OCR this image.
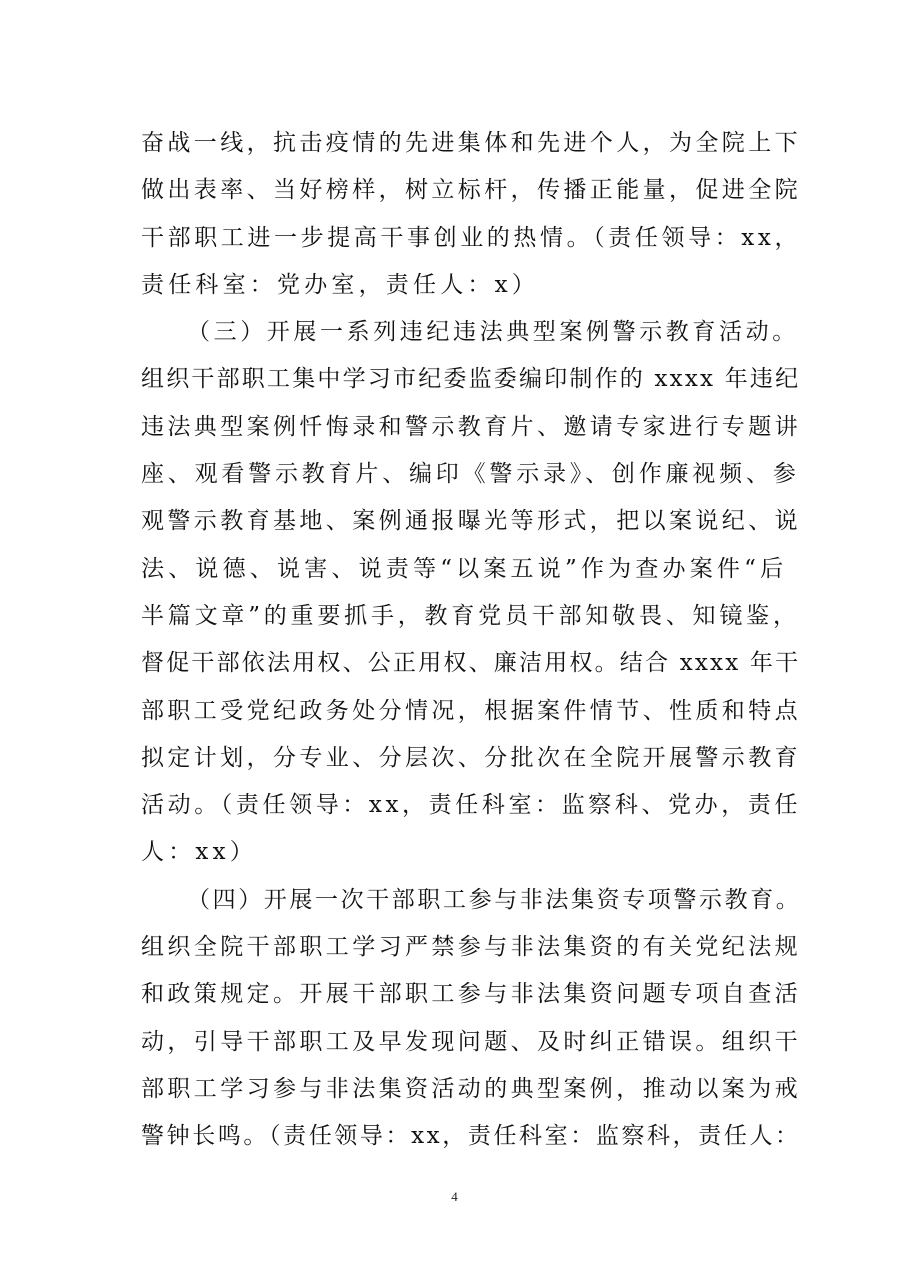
奋战一线，抗击疫情的先进集体和先进个人，为全院上下
做出表率、当好榜样，树立标杆，传播正能量，促进全院
干部职工进一步提高干事创业的热情。（责任领导：xx，
责任科室：党办室，责任人：x）
（三）开展一系列违纪违法典型案例警示教育活动。
组织干部职工集中学习市纪委监委编印制作的 xxxx 年违纪
违法典型案例忏悔录和警示教育片、邀请专家进行专题讲
座、观看警示教育片、编印《警示录》、创作廉视频、参
观警示教育基地、案例通报曝光等形式，把以案说纪、说
法、说德、说害、说责等“以案五说”作为查办案件“后
半篇文章”的重要抓手，教育党员干部知敬畏、知镜鉴，
督促干部依法用权、公正用权、廉洁用权。结合 xxxx 年干
部职工受党纪政务处分情况，根据案件情节、性质和特点
拟定计划，分专业、分层次、分批次在全院开展警示教育
活动。（责任领导：xx，责任科室：监察科、党办，责任
人：xx）
（四）开展一次干部职工参与非法集资专项警示教育。
组织全院干部职工学习严禁参与非法集资的有关党纪法规
和政策规定。开展干部职工参与非法集资问题专项自查活
动，引导干部职工及早发现问题、及时纠正错误。组织干
部职工学习参与非法集资活动的典型案例，推动以案为戒
警钟长鸣。（责任领导：xx，责任科室：监察科，责任人：
4
